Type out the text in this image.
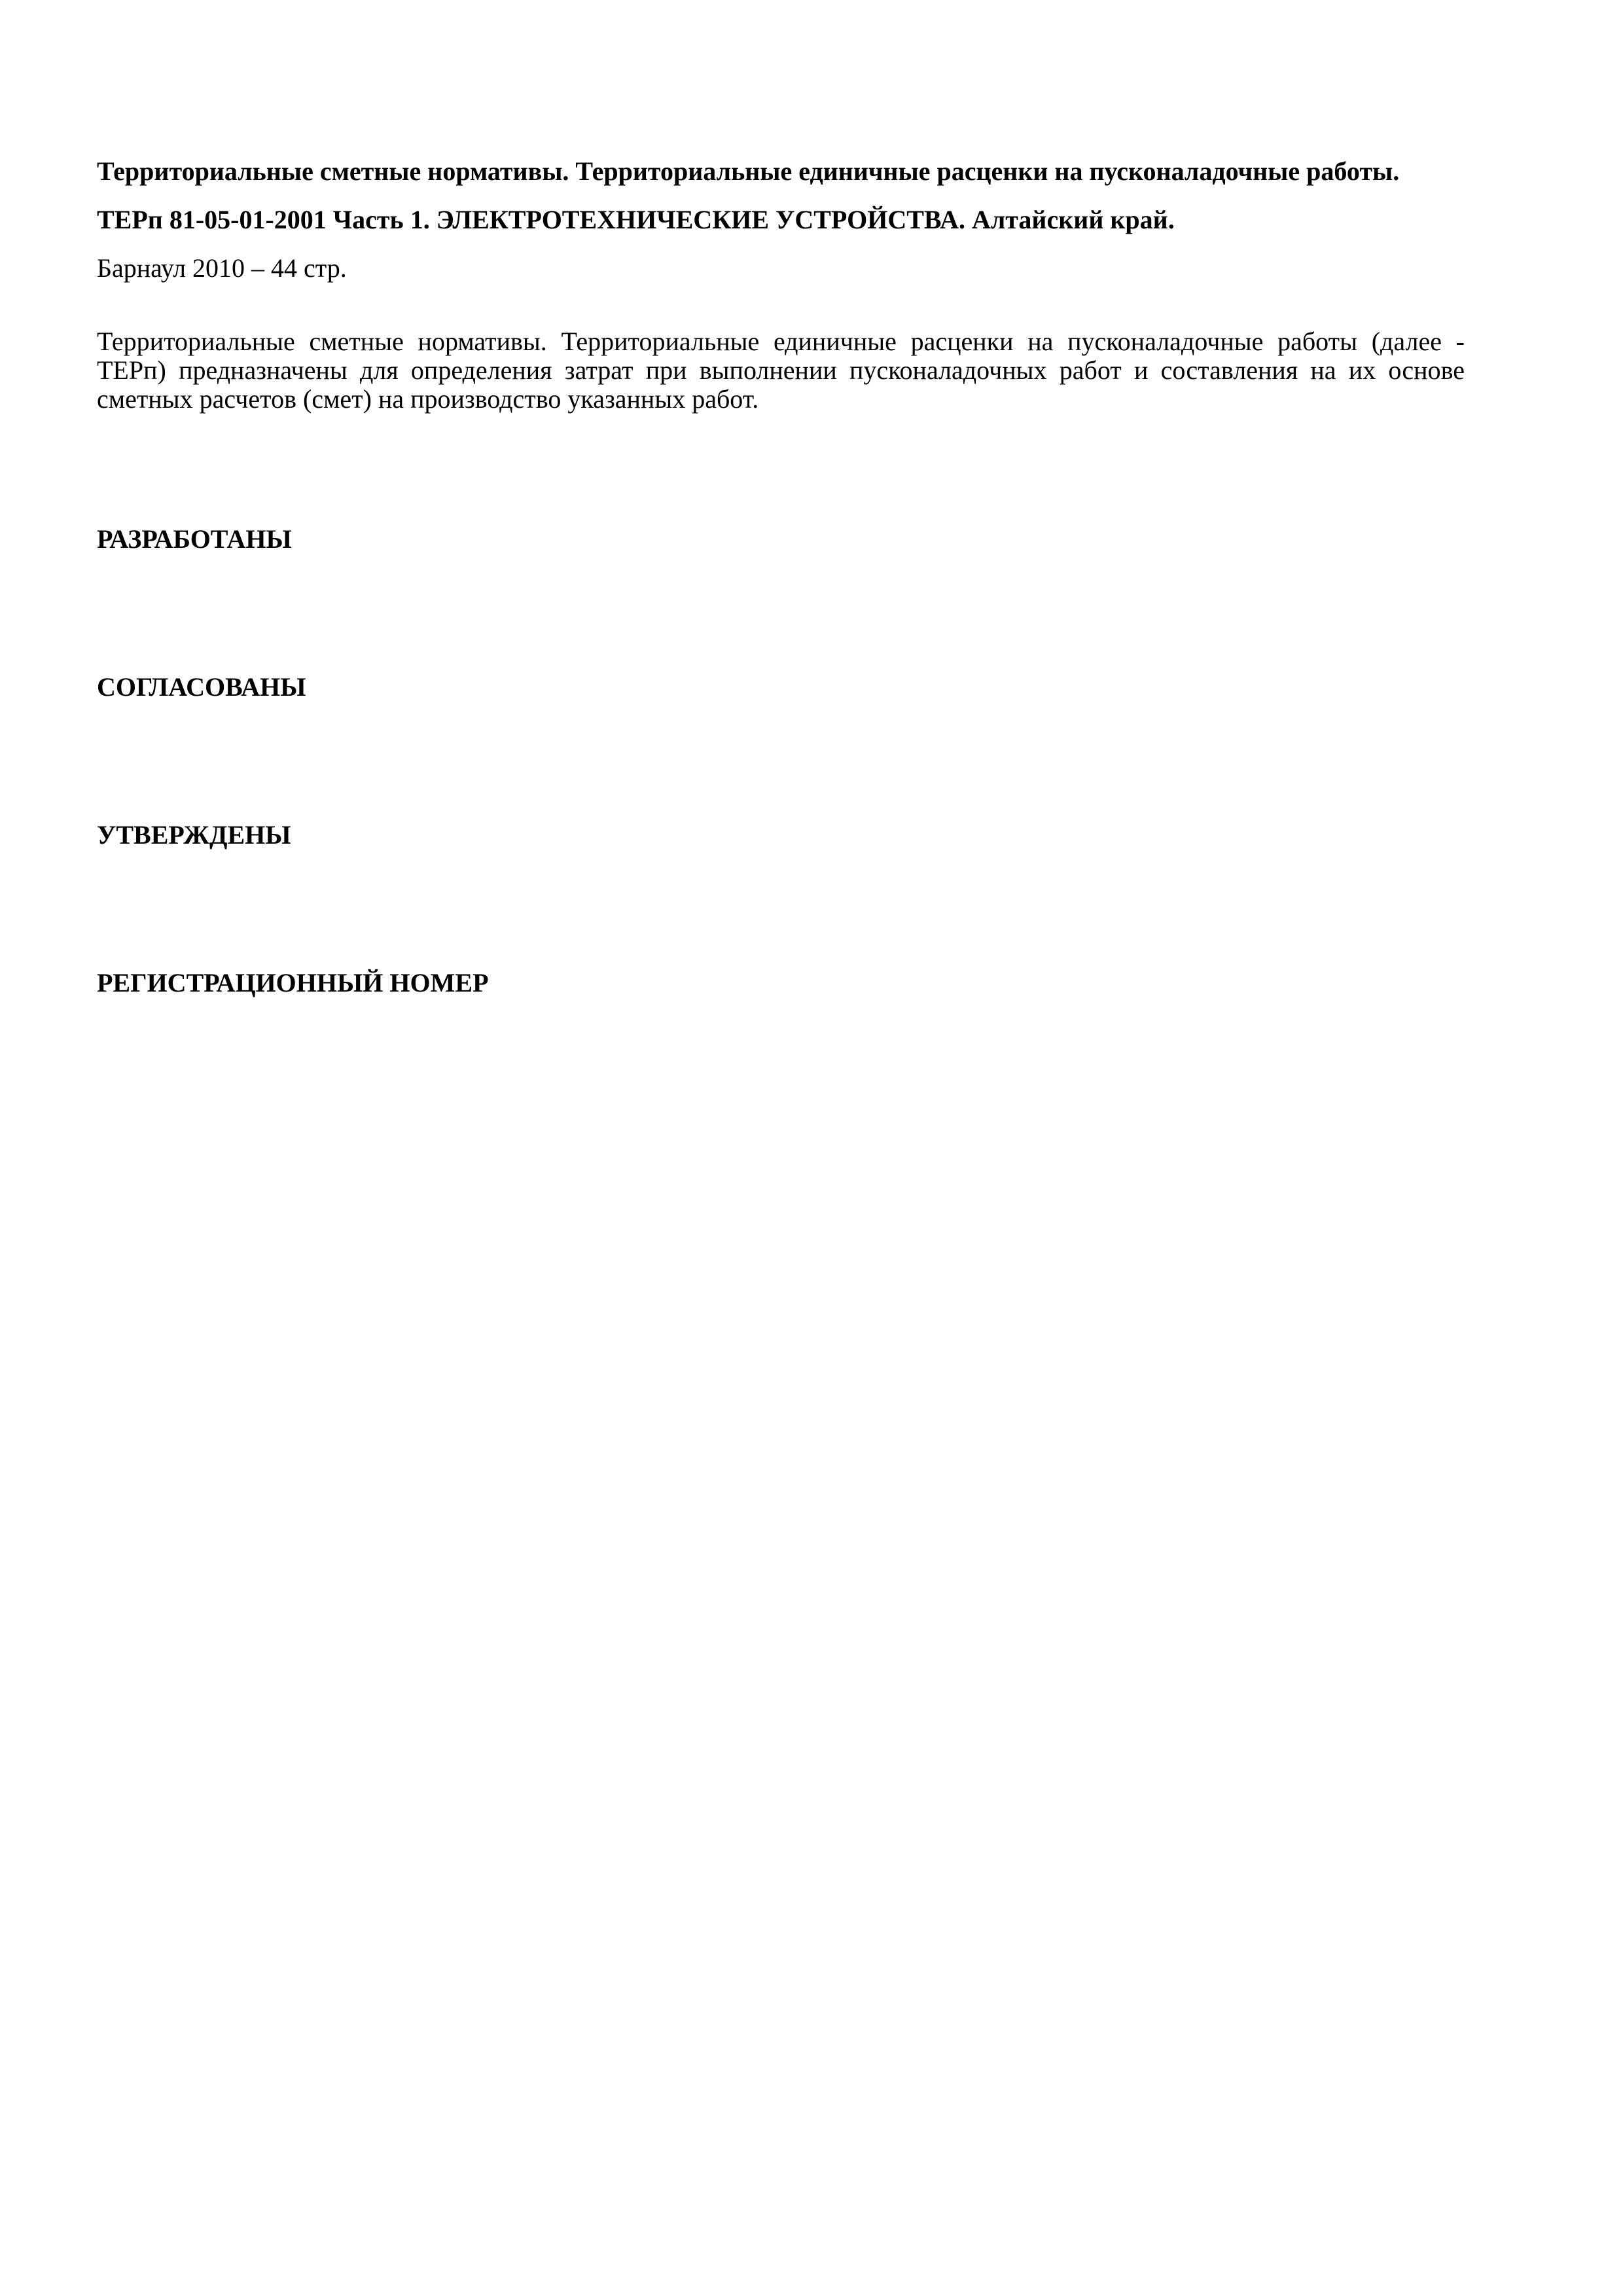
Территориальные сметные нормативы. Территориальные единичные расценки на пусконаладочные работы.

ТЕРп 81-05-01-2001 Часть 1. ЭЛЕКТРОТЕХНИЧЕСКИЕ УСТРОЙСТВА. Алтайский край.

Барнаул 2010 – 44 стр.

Территориальные сметные нормативы. Территориальные единичные расценки на пусконаладочные работы (далее -
ТЕРп) предназначены для определения затрат при выполнении пусконаладочных работ и составления на их основе
сметных расчетов (смет) на производство указанных работ.

РАЗРАБОТАНЫ

СОГЛАСОВАНЫ

УТВЕРЖДЕНЫ

РЕГИСТРАЦИОННЫЙ НОМЕР
